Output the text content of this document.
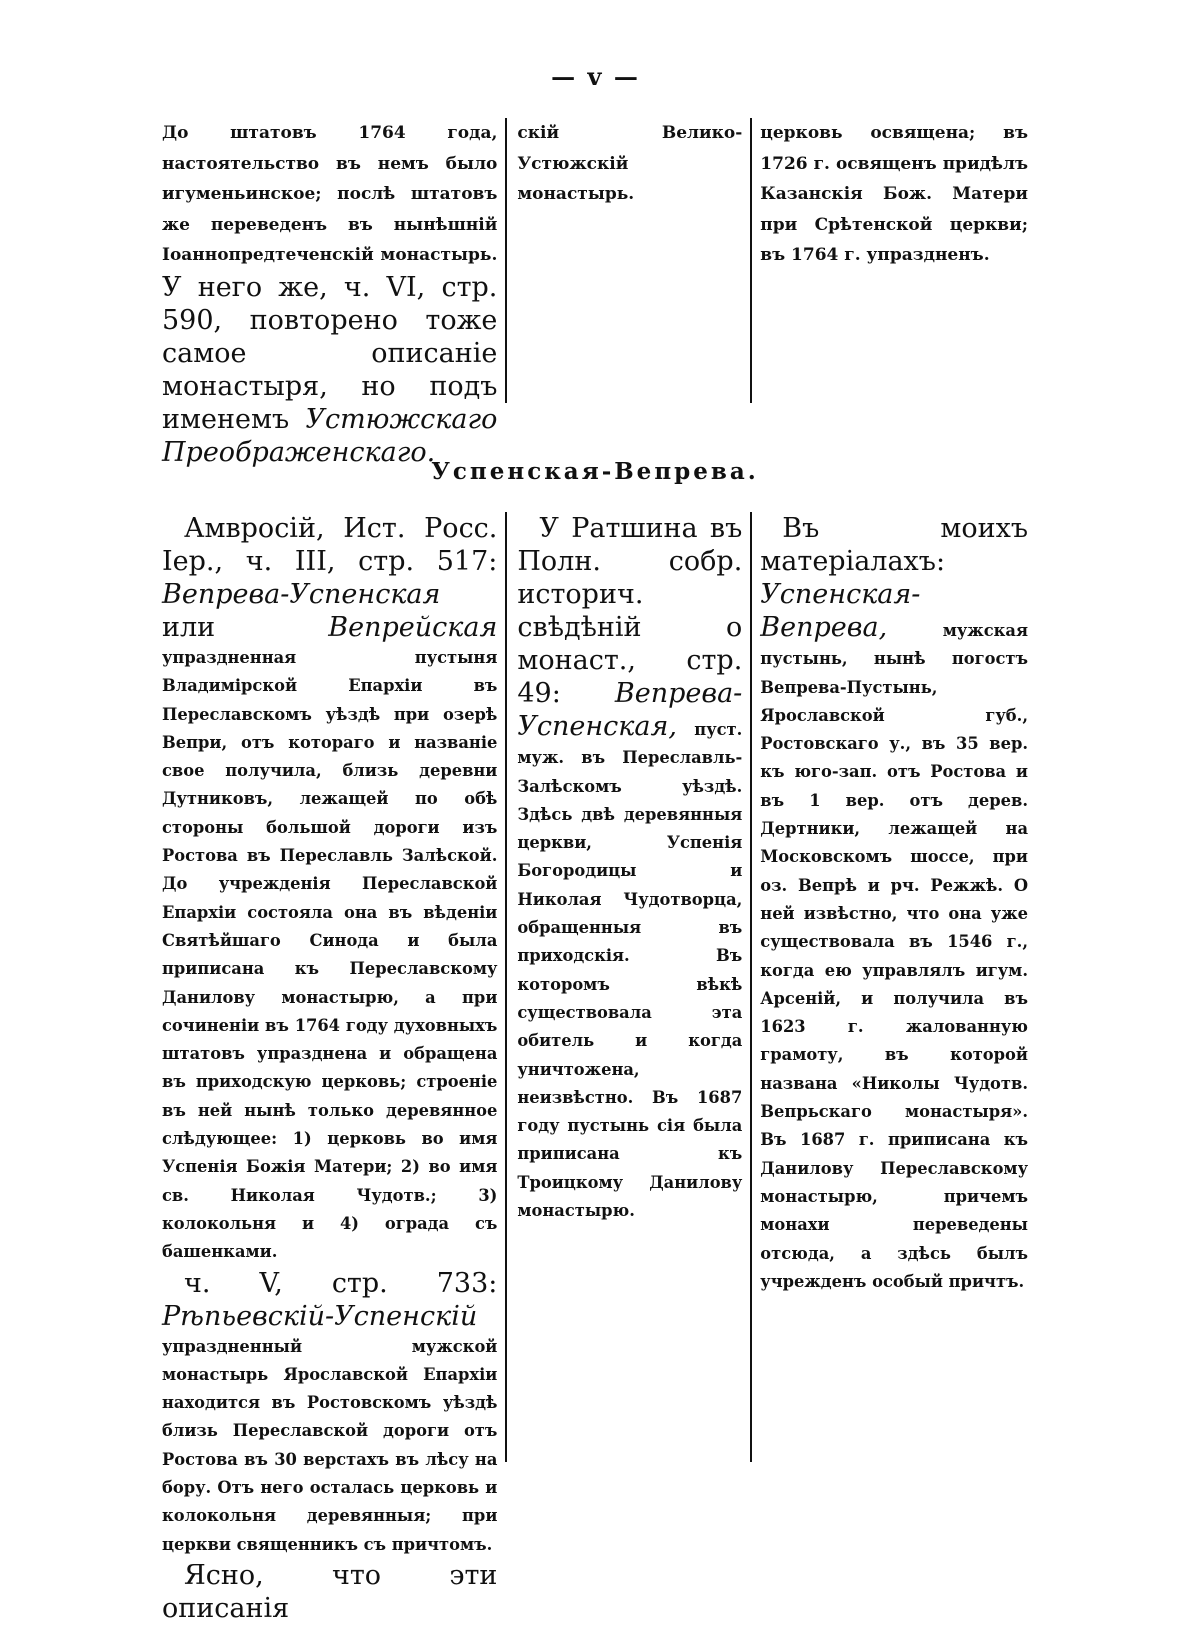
— v —

До штатовъ 1764 года, настоятельство въ немъ было игуменьинское; послѣ штатовъ же переведенъ въ нынѣшній Іоаннопредтеченскій монастырь. У него же, ч. VI, стр. 590, повторено тоже самое описаніе монастыря, но подъ именемъ Устюжскаго Преображенскаго.

скій Велико-Устюжскій монастырь.

церковь освящена; въ 1726 г. освященъ придѣлъ Казанскія Бож. Матери при Срѣтенской церкви; въ 1764 г. упраздненъ.

Успенская-Вепрева.

Амвросій, Ист. Росс. Іер., ч. III, стр. 517: Вепрева-Успенская или	Вепрейская упраздненная пустыня Владимірской Епархіи въ Переславскомъ уѣздѣ при озерѣ Вепри, отъ котораго и названіе свое получила, близь деревни Дутниковъ, лежащей по обѣ стороны большой дороги изъ Ростова въ Переславль Залѣской. До учрежденія Переславской Епархіи состояла она въ вѣденіи Святѣйшаго Синода и была приписана къ Переславскому Данилову монастырю, а при сочиненіи въ 1764 году духовныхъ штатовъ упразднена и обращена въ приходскую церковь; строеніе въ ней нынѣ только деревянное слѣдующее: 1) церковь во имя Успенія Божія Матери; 2) во имя св. Николая Чудотв.; 3) колокольня и 4) ограда съ башенками.

ч. V, стр. 733: Рѣпьевскій-Успенскій упраздненный мужской монастырь Ярославской Епархіи находится въ Ростовскомъ уѣздѣ близь Переславской дороги отъ Ростова въ 30 верстахъ въ лѣсу на бору. Отъ него осталась церковь и колокольня деревянныя; при церкви священникъ съ причтомъ.

Ясно, что эти описанія

У Ратшина въ Полн. собр. историч. свѣдѣній о монаст., стр. 49: Вепрева-Успенская, пуст. муж. въ Переславль-Залѣскомъ уѣздѣ. Здѣсь двѣ деревянныя церкви, Успенія Богородицы и Николая Чудотворца, обращенныя въ приходскія. Въ которомъ вѣкѣ существовала эта обитель и когда уничтожена, неизвѣстно. Въ 1687 году пустынь сія была приписана къ Троицкому Данилову монастырю.

Въ моихъ матеріалахъ: Успенская-Вепрева,	мужская пустынь, нынѣ погостъ Вепрева-Пустынь, Ярославской губ., Ростовскаго у., въ 35 вер. къ юго-зап. отъ Ростова и въ 1 вер. отъ дерев. Дертники, лежащей на Московскомъ шоссе, при оз. Вепрѣ и рч. Режжѣ. О ней извѣстно, что она уже существовала въ 1546 г., когда ею управлялъ игум. Арсеній, и получила въ 1623 г. жалованную грамоту, въ которой названа «Николы Чудотв. Вепрьскаго монастыря». Въ 1687 г. приписана къ Данилову Переславскому монастырю, причемъ монахи переведены отсюда, а здѣсь былъ учрежденъ особый причтъ.
